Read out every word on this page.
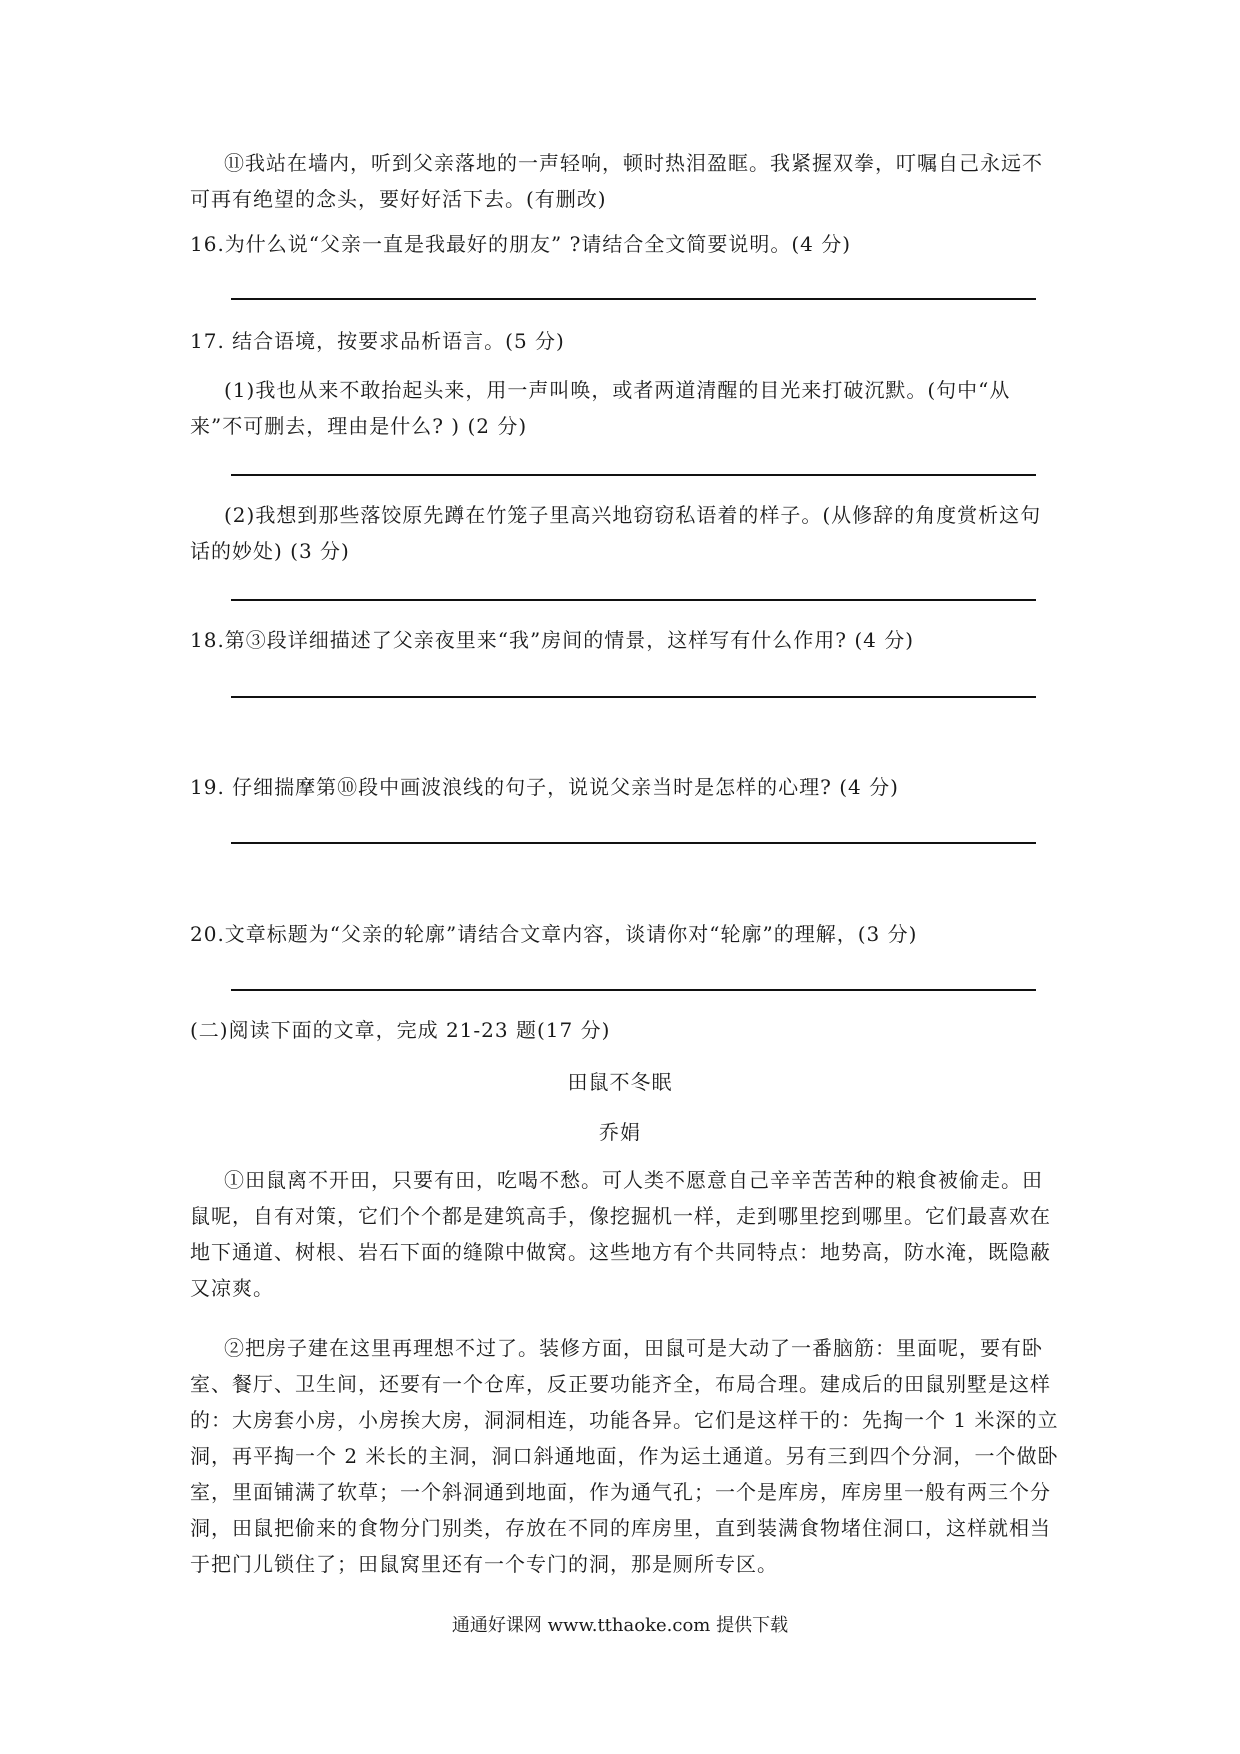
⑪我站在墙内，听到父亲落地的一声轻响，顿时热泪盈眶。我紧握双拳，叮嘱自己永远不可再有绝望的念头，要好好活下去。(有删改)
16.为什么说“父亲一直是我最好的朋友” ?请结合全文简要说明。(4 分)
17. 结合语境，按要求品析语言。(5 分)
(1)我也从来不敢抬起头来，用一声叫唤，或者两道清醒的目光来打破沉默。(句中“从来”不可删去，理由是什么? ) (2 分)
(2)我想到那些落饺原先蹲在竹笼子里高兴地窃窃私语着的样子。(从修辞的角度赏析这句话的妙处) (3 分)
18.第③段详细描述了父亲夜里来“我”房间的情景，这样写有什么作用? (4 分)
19. 仔细揣摩第⑩段中画波浪线的句子，说说父亲当时是怎样的心理? (4 分)
20.文章标题为“父亲的轮廓”请结合文章内容，谈请你对“轮廓”的理解，(3 分)
(二)阅读下面的文章，完成 21-23 题(17 分)
田鼠不冬眠
乔娟
①田鼠离不开田，只要有田，吃喝不愁。可人类不愿意自己辛辛苦苦种的粮食被偷走。田鼠呢，自有对策，它们个个都是建筑高手，像挖掘机一样，走到哪里挖到哪里。它们最喜欢在地下通道、树根、岩石下面的缝隙中做窝。这些地方有个共同特点：地势高，防水淹，既隐蔽又凉爽。
②把房子建在这里再理想不过了。装修方面，田鼠可是大动了一番脑筋：里面呢，要有卧室、餐厅、卫生间，还要有一个仓库，反正要功能齐全，布局合理。建成后的田鼠别墅是这样的：大房套小房，小房挨大房，洞洞相连，功能各异。它们是这样干的：先掏一个 1 米深的立洞，再平掏一个 2 米长的主洞，洞口斜通地面，作为运土通道。另有三到四个分洞，一个做卧室，里面铺满了软草；一个斜洞通到地面，作为通气孔；一个是库房，库房里一般有两三个分洞，田鼠把偷来的食物分门别类，存放在不同的库房里，直到装满食物堵住洞口，这样就相当于把门儿锁住了；田鼠窝里还有一个专门的洞，那是厕所专区。
通通好课网 www.tthaoke.com 提供下载
